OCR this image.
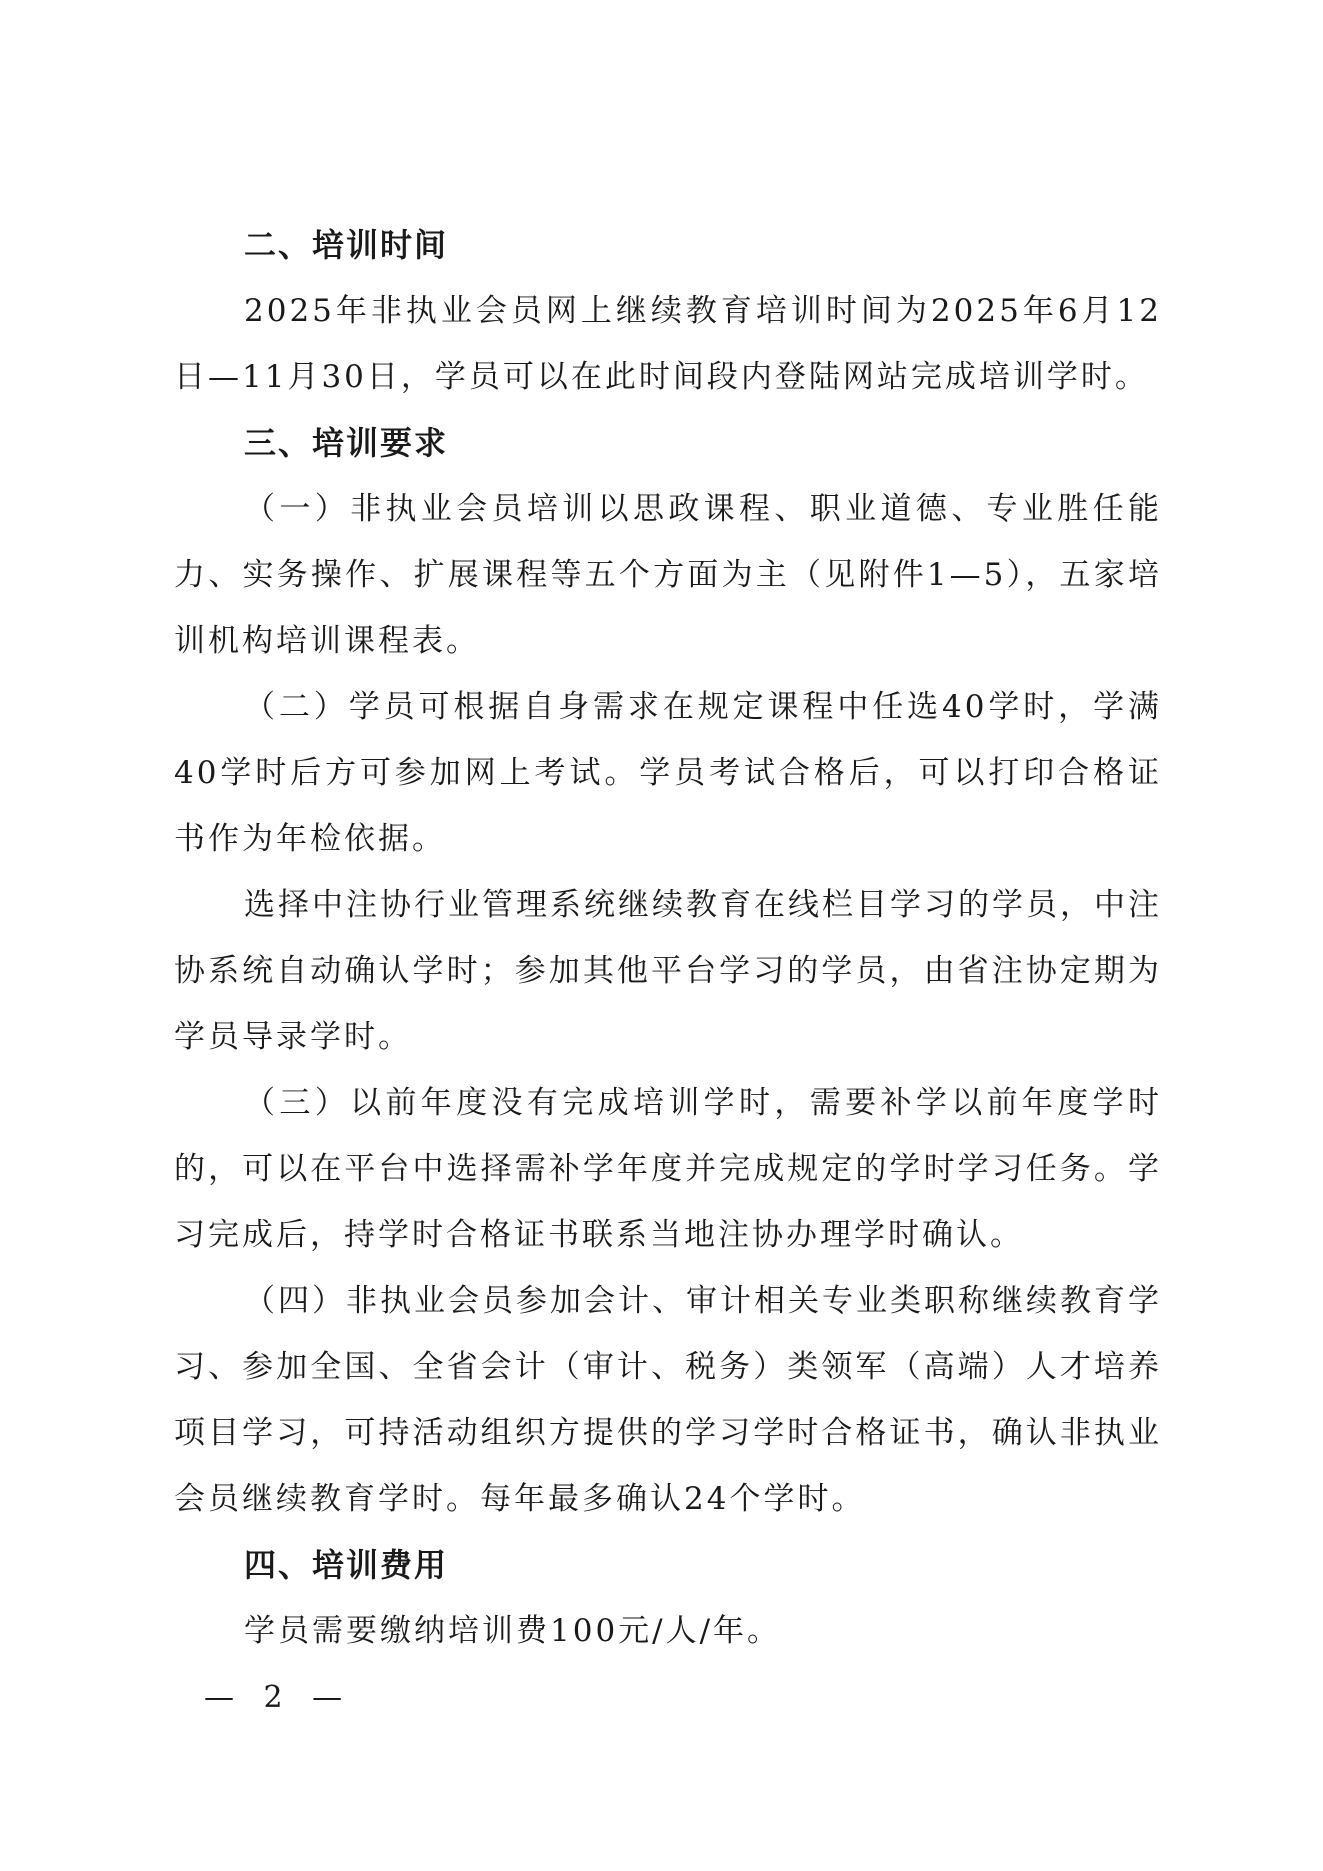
二、培训时间

2025年非执业会员网上继续教育培训时间为2025年6月12日—11月30日，学员可以在此时间段内登陆网站完成培训学时。

三、培训要求

（一）非执业会员培训以思政课程、职业道德、专业胜任能力、实务操作、扩展课程等五个方面为主（见附件1—5），五家培训机构培训课程表。

（二）学员可根据自身需求在规定课程中任选40学时，学满40学时后方可参加网上考试。学员考试合格后，可以打印合格证书作为年检依据。

选择中注协行业管理系统继续教育在线栏目学习的学员，中注协系统自动确认学时；参加其他平台学习的学员，由省注协定期为学员导录学时。

（三）以前年度没有完成培训学时，需要补学以前年度学时的，可以在平台中选择需补学年度并完成规定的学时学习任务。学习完成后，持学时合格证书联系当地注协办理学时确认。

（四）非执业会员参加会计、审计相关专业类职称继续教育学习、参加全国、全省会计（审计、税务）类领军（高端）人才培养项目学习，可持活动组织方提供的学习学时合格证书，确认非执业会员继续教育学时。每年最多确认24个学时。

四、培训费用

学员需要缴纳培训费100元/人/年。

— 2 —
